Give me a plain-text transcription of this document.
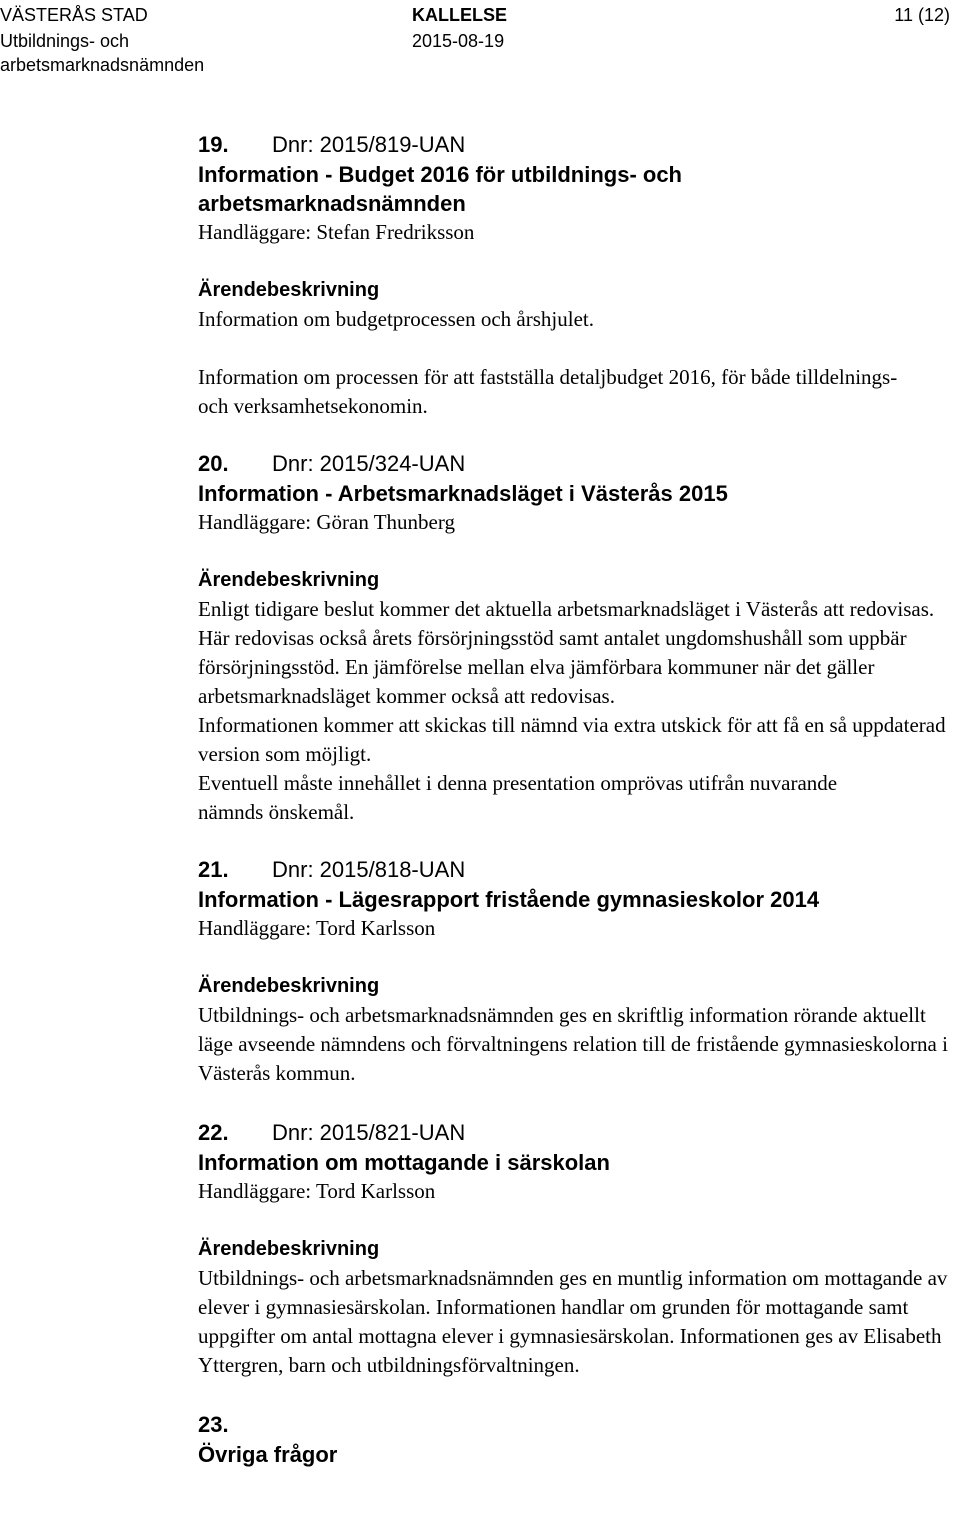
VÄSTERÅS STAD
Utbildnings- och
arbetsmarknadsnämnden
KALLELSE
2015-08-19
11 (12)

19. Dnr: 2015/819-UAN

Information - Budget 2016 för utbildnings- och arbetsmarknadsnämnden

Handläggare: Stefan Fredriksson

Ärendebeskrivning

Information om budgetprocessen och årshjulet.

Information om processen för att fastställa detaljbudget 2016, för både tilldelnings- och verksamhetsekonomin.

20. Dnr: 2015/324-UAN

Information - Arbetsmarknadsläget i Västerås 2015

Handläggare: Göran Thunberg

Ärendebeskrivning

Enligt tidigare beslut kommer det aktuella arbetsmarknadsläget i Västerås att redovisas. Här redovisas också årets försörjningsstöd samt antalet ungdomshushåll som uppbär försörjningsstöd. En jämförelse mellan elva jämförbara kommuner när det gäller arbetsmarknadsläget kommer också att redovisas.

Informationen kommer att skickas till nämnd via extra utskick för att få en så uppdaterad version som möjligt.

Eventuell måste innehållet i denna presentation omprövas utifrån nuvarande nämnds önskemål.

21. Dnr: 2015/818-UAN

Information - Lägesrapport fristående gymnasieskolor 2014

Handläggare: Tord Karlsson

Ärendebeskrivning

Utbildnings- och arbetsmarknadsnämnden ges en skriftlig information rörande aktuellt läge avseende nämndens och förvaltningens relation till de fristående gymnasieskolorna i Västerås kommun.

22. Dnr: 2015/821-UAN

Information om mottagande i särskolan

Handläggare: Tord Karlsson

Ärendebeskrivning

Utbildnings- och arbetsmarknadsnämnden ges en muntlig information om mottagande av elever i gymnasiesärskolan. Informationen handlar om grunden för mottagande samt uppgifter om antal mottagna elever i gymnasiesärskolan. Informationen ges av Elisabeth Yttergren, barn och utbildningsförvaltningen.

23.

Övriga frågor
